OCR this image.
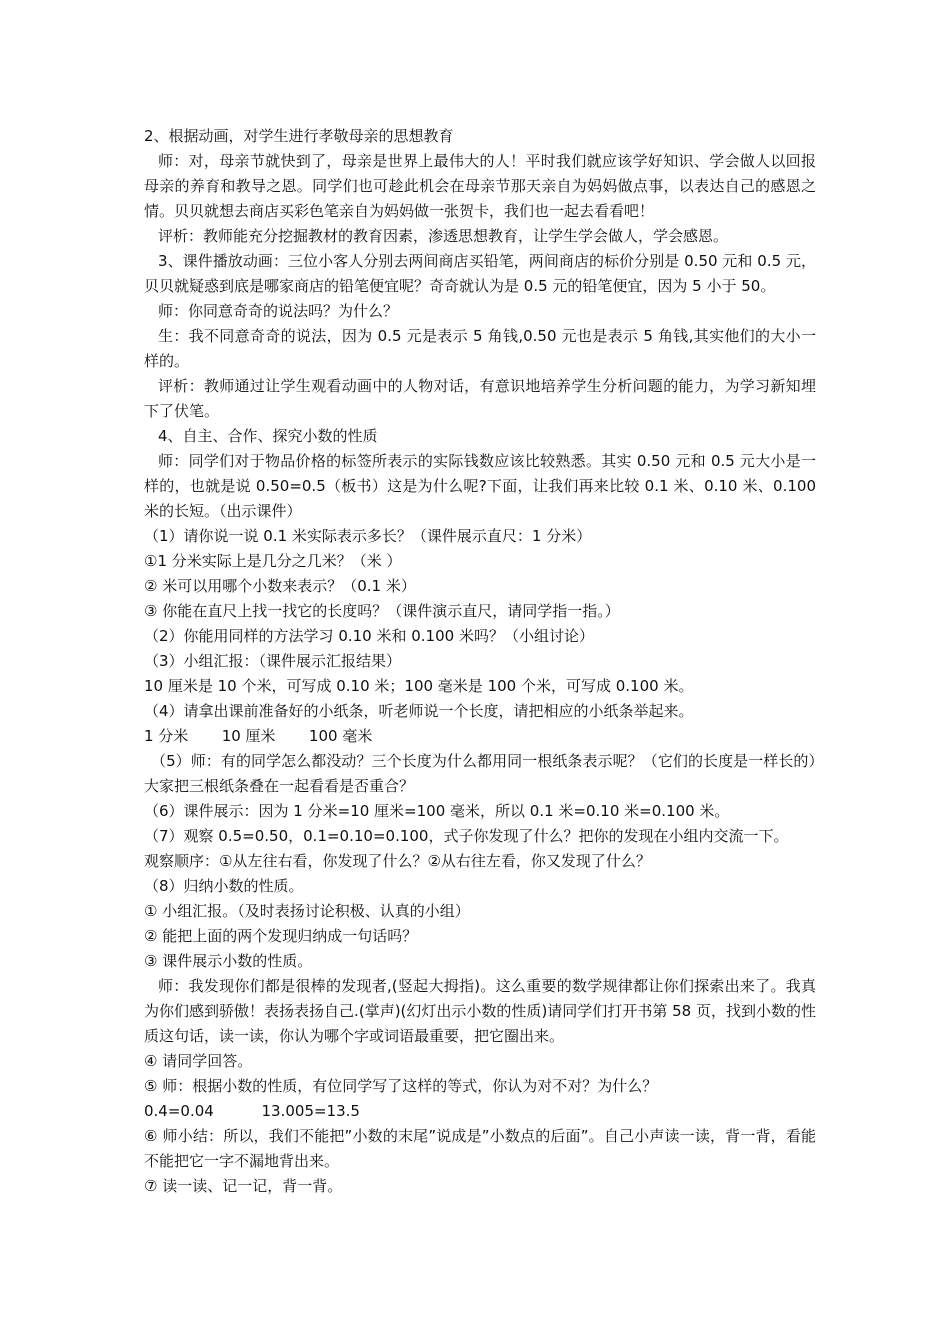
2、根据动画，对学生进行孝敬母亲的思想教育

师：对，母亲节就快到了，母亲是世界上最伟大的人！平时我们就应该学好知识、学会做人以回报母亲的养育和教导之恩。同学们也可趁此机会在母亲节那天亲自为妈妈做点事，以表达自己的感恩之情。贝贝就想去商店买彩色笔亲自为妈妈做一张贺卡，我们也一起去看看吧！

评析：教师能充分挖掘教材的教育因素，渗透思想教育，让学生学会做人，学会感恩。

3、课件播放动画：三位小客人分别去两间商店买铅笔，两间商店的标价分别是 0.50 元和 0.5 元，贝贝就疑惑到底是哪家商店的铅笔便宜呢？奇奇就认为是 0.5 元的铅笔便宜，因为 5 小于 50。

师：你同意奇奇的说法吗？为什么？

生：我不同意奇奇的说法，因为 0.5 元是表示 5 角钱,0.50 元也是表示 5 角钱,其实他们的大小一样的。

评析：教师通过让学生观看动画中的人物对话，有意识地培养学生分析问题的能力，为学习新知埋下了伏笔。

4、自主、合作、探究小数的性质

师：同学们对于物品价格的标签所表示的实际钱数应该比较熟悉。其实 0.50 元和 0.5 元大小是一样的，也就是说 0.50=0.5（板书）这是为什么呢?下面，让我们再来比较 0.1 米、0.10 米、0.100 米的长短。（出示课件）

（1）请你说一说 0.1 米实际表示多长？（课件展示直尺：1 分米）

①1 分米实际上是几分之几米？（米 ）

② 米可以用哪个小数来表示？（0.1 米）

③ 你能在直尺上找一找它的长度吗？（课件演示直尺，请同学指一指。）

（2）你能用同样的方法学习 0.10 米和 0.100 米吗？（小组讨论）

（3）小组汇报：（课件展示汇报结果）

10 厘米是 10 个米，可写成 0.10 米；100 毫米是 100 个米，可写成 0.100 米。

（4）请拿出课前准备好的小纸条，听老师说一个长度，请把相应的小纸条举起来。

1 分米       10 厘米       100 毫米

（5）师：有的同学怎么都没动？三个长度为什么都用同一根纸条表示呢？（它们的长度是一样长的）大家把三根纸条叠在一起看看是否重合？

（6）课件展示：因为 1 分米=10 厘米=100 毫米，所以 0.1 米=0.10 米=0.100 米。

（7）观察 0.5=0.50，0.1=0.10=0.100，式子你发现了什么？把你的发现在小组内交流一下。

观察顺序：①从左往右看，你发现了什么？②从右往左看，你又发现了什么？

（8）归纳小数的性质。

① 小组汇报。（及时表扬讨论积极、认真的小组）

② 能把上面的两个发现归纳成一句话吗？

③ 课件展示小数的性质。

师：我发现你们都是很棒的发现者,(竖起大拇指)。这么重要的数学规律都让你们探索出来了。我真为你们感到骄傲！表扬表扬自己.(掌声)(幻灯出示小数的性质)请同学们打开书第 58 页，找到小数的性质这句话，读一读，你认为哪个字或词语最重要，把它圈出来。

④ 请同学回答。

⑤ 师：根据小数的性质，有位同学写了这样的等式，你认为对不对？为什么？

0.4=0.04          13.005=13.5

⑥ 师小结：所以，我们不能把”小数的末尾”说成是”小数点的后面”。自己小声读一读，背一背，看能不能把它一字不漏地背出来。

⑦ 读一读、记一记，背一背。
